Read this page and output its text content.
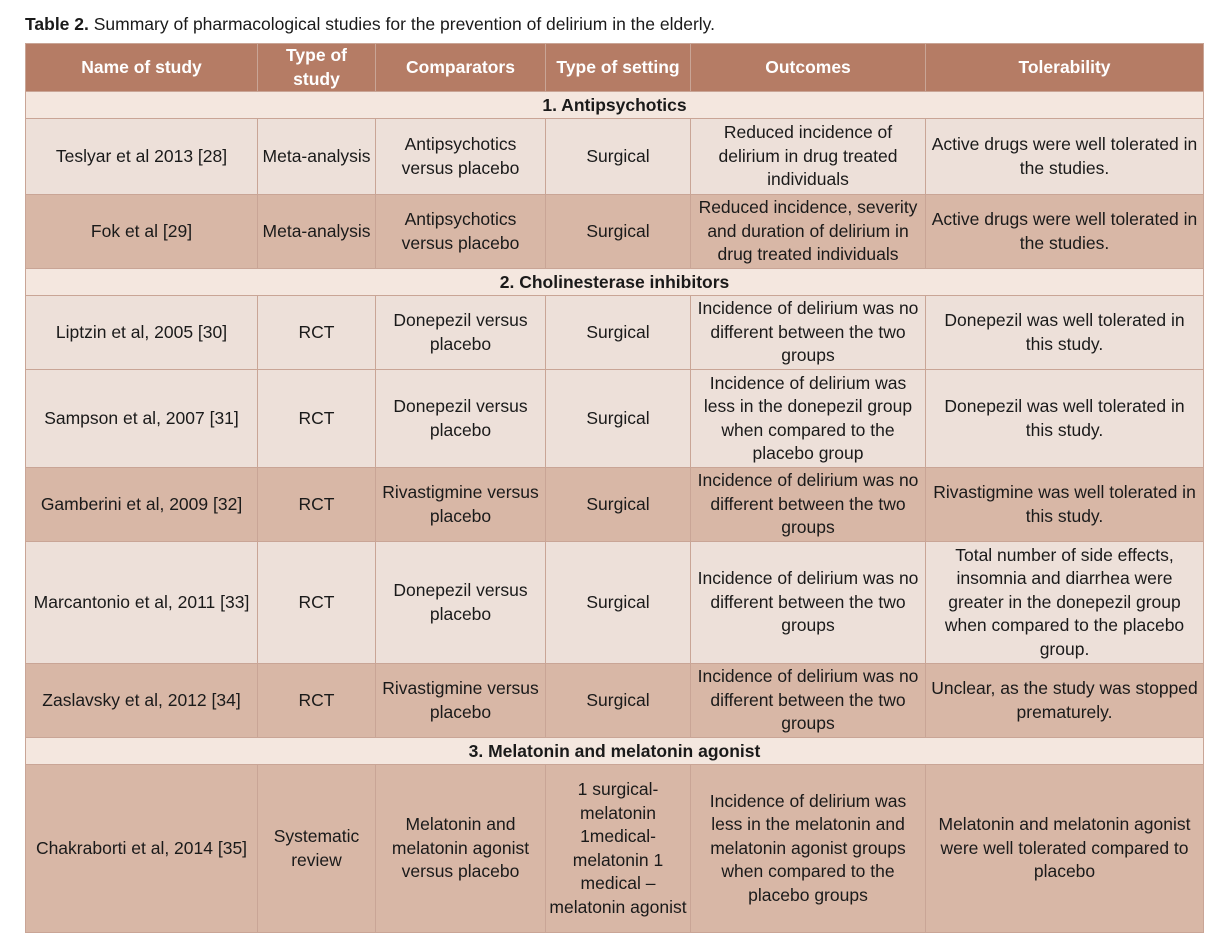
Table 2. Summary of pharmacological studies for the prevention of delirium in the elderly.
Name of study	Type of study	Comparators	Type of setting	Outcomes	Tolerability
1. Antipsychotics					
Teslyar et al 2013 [28]	Meta-analysis	Antipsychotics versus placebo	Surgical	Reduced incidence of delirium in drug treated individuals	Active drugs were well tolerated in the studies.
Fok et al [29]	Meta-analysis	Antipsychotics versus placebo	Surgical	Reduced incidence, severity and duration of delirium in drug treated individuals	Active drugs were well tolerated in the studies.
2. Cholinesterase inhibitors					
Liptzin et al, 2005 [30]	RCT	Donepezil versus placebo	Surgical	Incidence of delirium was no different between the two groups	Donepezil was well tolerated in this study.
Sampson et al, 2007 [31]	RCT	Donepezil versus placebo	Surgical	Incidence of delirium was less in the donepezil group when compared to the placebo group	Donepezil was well tolerated in this study.
Gamberini et al, 2009 [32]	RCT	Rivastigmine versus placebo	Surgical	Incidence of delirium was no different between the two groups	Rivastigmine was well tolerated in this study.
Marcantonio et al, 2011 [33]	RCT	Donepezil versus placebo	Surgical	Incidence of delirium was no different between the two groups	Total number of side effects, insomnia and diarrhea were greater in the donepezil group when compared to the placebo group.
Zaslavsky et al, 2012 [34]	RCT	Rivastigmine versus placebo	Surgical	Incidence of delirium was no different between the two groups	Unclear, as the study was stopped prematurely.
3. Melatonin and melatonin agonist					
Chakraborti et al, 2014 [35]	Systematic review	Melatonin and melatonin agonist versus placebo	1 surgical- melatonin 1medical- melatonin 1 medical –melatonin agonist	Incidence of delirium was less in the melatonin and melatonin agonist groups when compared to the placebo groups	Melatonin and melatonin agonist were well tolerated compared to placebo
